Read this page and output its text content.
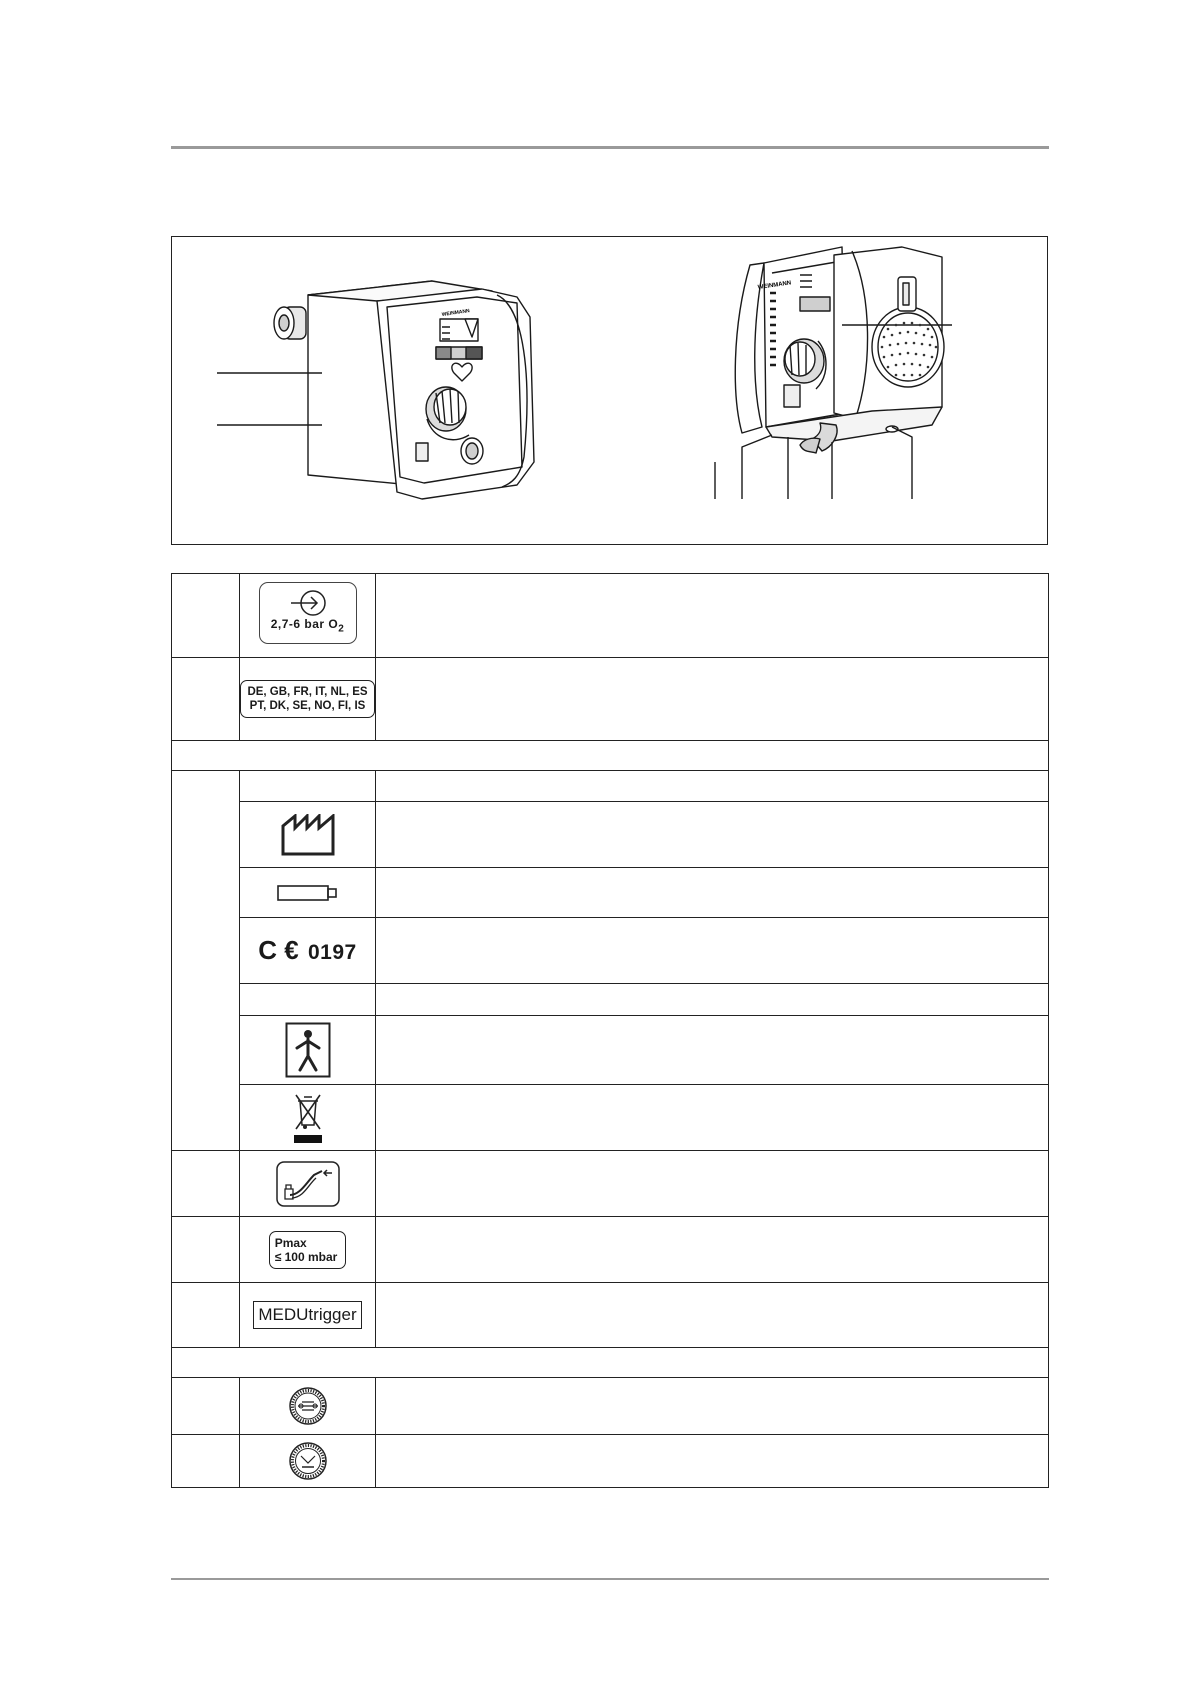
WEINMANN
WEINMANN

	2,7-6 bar $O_2$

	DE, GB, FR, IT, NL, ES
PT, DK, SE, NO, FI, IS	

	C € 0197	

	Pmax
≤ 100 mbar	
	MEDUtrigger	
